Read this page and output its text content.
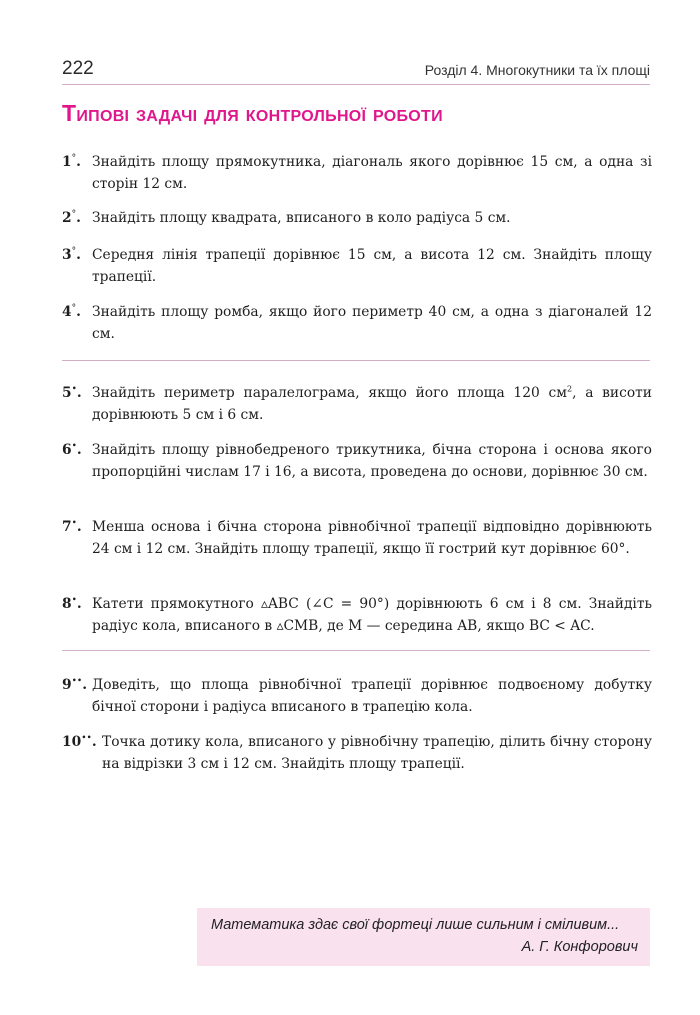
222	Розділ 4. Многокутники та їх площі
Типові задачі для контрольної роботи
1°. Знайдіть площу прямокутника, діагональ якого дорівнює 15 см, а одна зі сторін 12 см.
2°. Знайдіть площу квадрата, вписаного в коло радіуса 5 см.
3°. Середня лінія трапеції дорівнює 15 см, а висота 12 см. Знайдіть площу трапеції.
4°. Знайдіть площу ромба, якщо його периметр 40 см, а одна з діагоналей 12 см.
5•. Знайдіть периметр паралелограма, якщо його площа 120 $см^2$, а висоти дорівнюють 5 см і 6 см.
6•. Знайдіть площу рівнобедреного трикутника, бічна сторона і основа якого пропорційні числам 17 і 16, а висота, проведена до основи, дорівнює 30 см.
7•. Менша основа і бічна сторона рівнобічної трапеції відповідно дорівнюють 24 см і 12 см. Знайдіть площу трапеції, якщо її гострий кут дорівнює 60°.
8•. Катети прямокутного ▵ABC (∠C = 90°) дорівнюють 6 см і 8 см. Знайдіть радіус кола, вписаного в ▵CMB, де M — середина AB, якщо BC < AC.
9••. Доведіть, що площа рівнобічної трапеції дорівнює подвоєному добутку бічної сторони і радіуса вписаного в трапецію кола.
10••. Точка дотику кола, вписаного у рівнобічну трапецію, ділить бічну сторону на відрізки 3 см і 12 см. Знайдіть площу трапеції.
Математика здає свої фортеці лише сильним і сміливим...
А. Г. Конфорович
